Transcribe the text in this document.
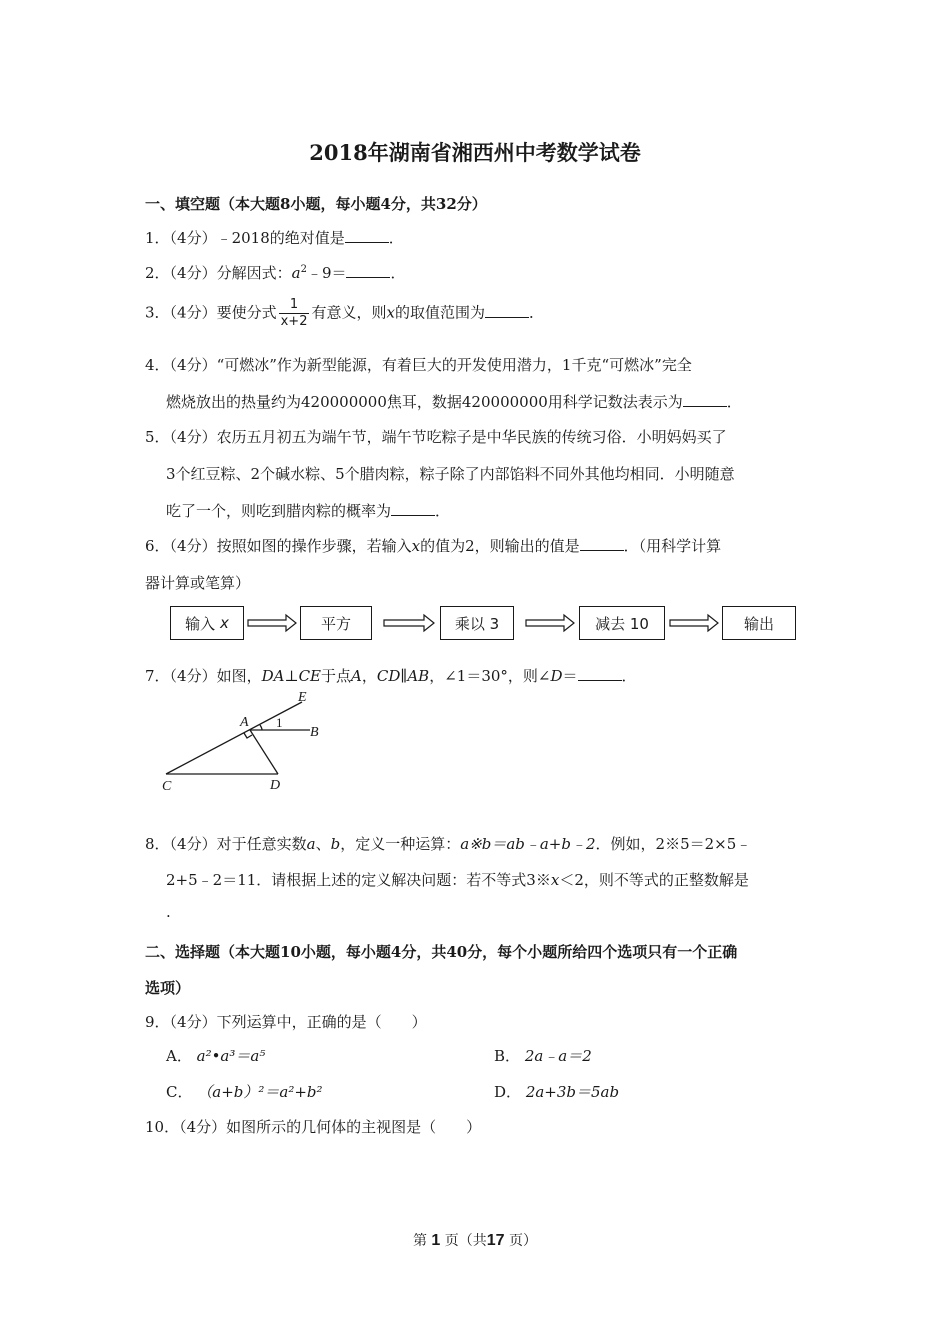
2018年湖南省湘西州中考数学试卷
一、填空题（本大题8小题，每小题4分，共32分）
1．（4分）﹣2018的绝对值是	．
2．（4分）分解因式：$a^2﹣9=$	．
3．（4分）要使分式 $\frac{1}{x+2}$ 有意义，则x的取值范围为	．
4．（4分）“可燃冰”作为新型能源，有着巨大的开发使用潜力，1千克“可燃冰”完全
燃烧放出的热量约为420000000焦耳，数据420000000用科学记数法表示为	．
5．（4分）农历五月初五为端午节，端午节吃粽子是中华民族的传统习俗．小明妈妈买了
3个红豆粽、2个碱水粽、5个腊肉粽，粽子除了内部馅料不同外其他均相同．小明随意
吃了一个，则吃到腊肉粽的概率为	．
6．（4分）按照如图的操作步骤，若输入x的值为2，则输出的值是	．（用科学计算
器计算或笔算）
输入
x	平方	乘以 3	减去 10	输出
7．（4分）如图，DA⊥CE于点A，CD∥AB，∠1＝30°，则∠D＝	．
E
A
B
C	D
1
8．（4分）对于任意实数a、b，定义一种运算：a※b＝ab﹣a+b﹣2．例如，2※5＝2×5﹣
2+5﹣2＝11．请根据上述的定义解决问题：若不等式3※x＜2，则不等式的正整数解是
.
二、选择题（本大题10小题，每小题4分，共40分，每个小题所给四个选项只有一个正确
选项）
9．（4分）下列运算中，正确的是（　　）
A． a²•a³＝a⁵	B． 2a﹣a＝2
C． （a+b）²＝a²+b²	D． 2a+3b＝5ab
10．（4分）如图所示的几何体的主视图是（　　）
第 1 页（共17 页）
